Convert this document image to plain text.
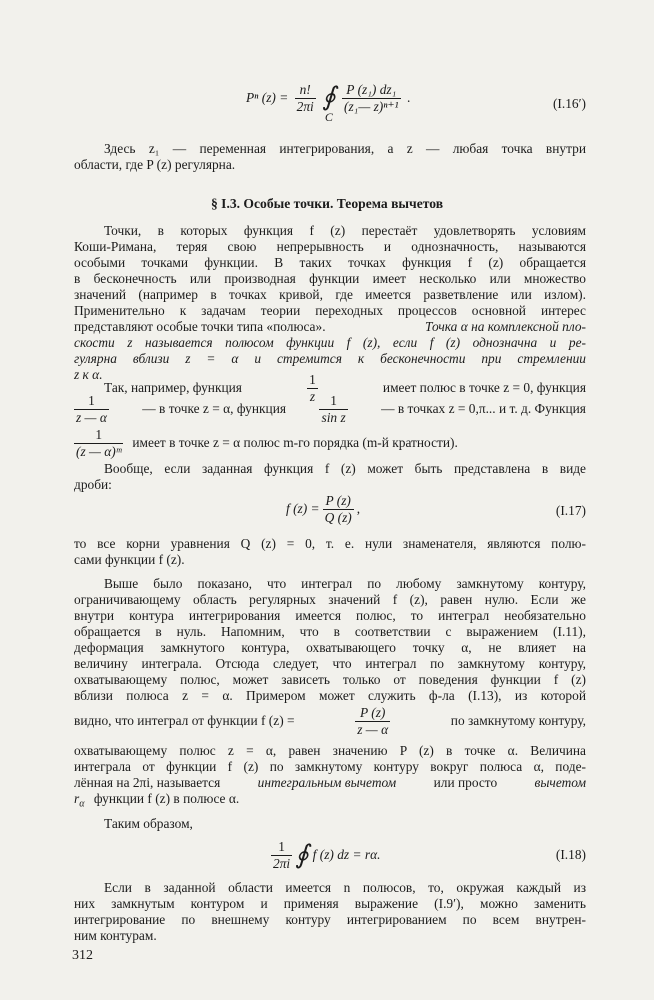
Pⁿ $(z) = \frac{n!}{2\pi i}$
∮
C

$\frac{\text{P (z₁) dz₁}}{\text{(z₁— z)ⁿ⁺¹}}$ .	(I.16′)
Здесь z₁ — переменная интегрирования, а z — любая точка внутри
области, где P (z) регулярна.
§ I.3. Особые точки. Теорема вычетов
Точки, в которых функция f (z) перестаёт удовлетворять условиям
Коши-Римана, теряя свою непрерывность и однозначность, называются
особыми точками функции. В таких точках функция f (z) обращается
в бесконечность или производная функции имеет несколько или множество
значений (например в точках кривой, где имеется разветвление или излом).
Применительно к задачам теории переходных процессов основной интерес
представляют особые точки типа «полюса».	Точка α на комплексной пло-
скости z называется полюсом функции f (z), если f (z) однозначна и ре-
гулярна вблизи z = α и стремится к бесконечности при стремлении
z к α.
Так, например, функция	$\frac{1}{z}$	имеет полюс в точке z = 0, функция
$\frac{1}{z — \alpha}$ — в точке z = α, функция $\frac{1}{\text{sin z}}$ — в точках z = 0,π... и т. д. Функция
$\frac{1}{\text{(z — α)ᵐ}}$ имеет в точке z = α полюс m-го порядка (m-й кратности).
Вообще, если заданная функция f (z) может быть представлена в виде
дроби:
f $(z) = \frac{P (z)}{Q (z)}$ ,	(I.17)
то все корни уравнения Q (z) = 0, т. е. нули знаменателя, являются полю-
сами функции f (z).
Выше было показано, что интеграл по любому замкнутому контуру,
ограничивающему область регулярных значений f (z), равен нулю. Если же
внутри контура интегрирования имеется полюс, то интеграл необязательно
обращается в нуль. Напомним, что в соответствии с выражением (I.11),
деформация замкнутого контура, охватывающего точку α, не влияет на
величину интеграла. Отсюда следует, что интеграл по замкнутому контуру,
охватывающему полюс, может зависеть только от поведения функции f (z)
вблизи полюса z = α. Примером может служить ф-ла (I.13), из которой
видно, что интеграл от функции f (z) =	$\frac{P (z)}{z — \alpha}$	по замкнутому контуру,
охватывающему полюс z = α, равен значению P (z) в точке α. Величина
интеграла от функции f (z) по замкнутому контуру вокруг полюса α, поде-
лённая на 2πi, называется	интегральным вычетом	или просто	вычетом
$r_\alpha$ функции f (z) в полюсе α.
Таким образом,
$\frac{1}{2\pi i}$ ∮ f (z) dz = rα.	(I.18)
Если в заданной области имеется n полюсов, то, окружая каждый из
них замкнутым контуром и применяя выражение (I.9′), можно заменить
интегрирование по внешнему контуру интегрированием по всем внутрен-
ним контурам.
312
